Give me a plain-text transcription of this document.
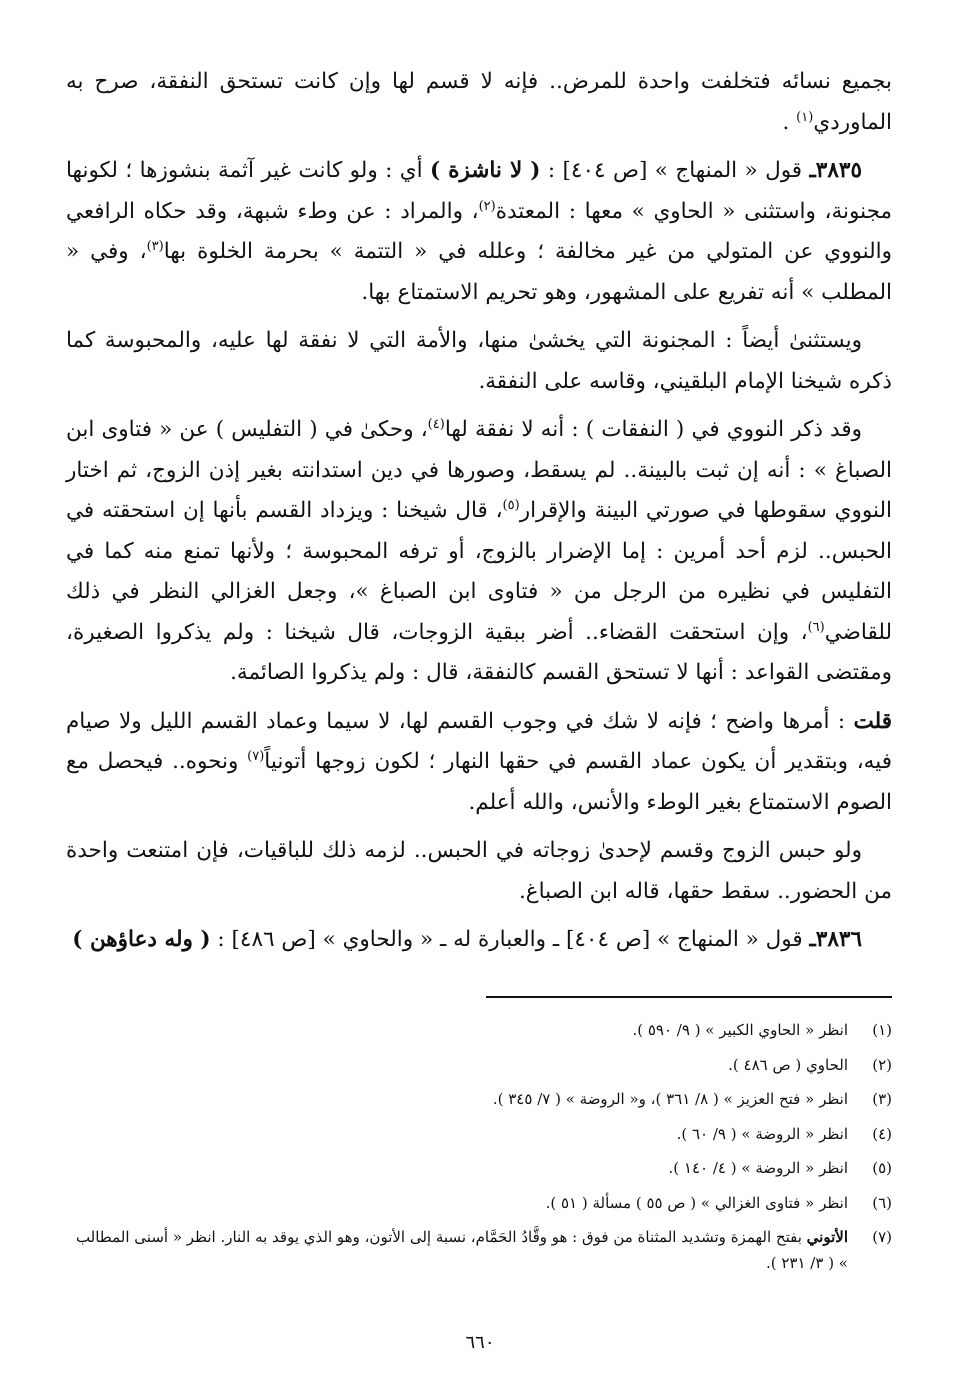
بجميع نسائه فتخلفت واحدة للمرض.. فإنه لا قسم لها وإن كانت تستحق النفقة، صرح به الماوردي$^{(١)}$ .

٣٨٣٥ـ قول « المنهاج » [ص ٤٠٤] : ( لا ناشزة ) أي : ولو كانت غير آثمة بنشوزها ؛ لكونها مجنونة، واستثنى « الحاوي » معها : المعتدة$^{(٢)}$، والمراد : عن وطء شبهة، وقد حكاه الرافعي والنووي عن المتولي من غير مخالفة ؛ وعلله في « التتمة » بحرمة الخلوة بها$^{(٣)}$، وفي « المطلب » أنه تفريع على المشهور، وهو تحريم الاستمتاع بها.

ويستثنىٰ أيضاً : المجنونة التي يخشىٰ منها، والأمة التي لا نفقة لها عليه، والمحبوسة كما ذكره شيخنا الإمام البلقيني، وقاسه على النفقة.

وقد ذكر النووي في ( النفقات ) : أنه لا نفقة لها$^{(٤)}$، وحكىٰ في ( التفليس ) عن « فتاوى ابن الصباغ » : أنه إن ثبت بالبينة.. لم يسقط، وصورها في دين استدانته بغير إذن الزوج، ثم اختار النووي سقوطها في صورتي البينة والإقرار$^{(٥)}$، قال شيخنا : ويزداد القسم بأنها إن استحقته في الحبس.. لزم أحد أمرين : إما الإضرار بالزوج، أو ترفه المحبوسة ؛ ولأنها تمنع منه كما في التفليس في نظيره من الرجل من « فتاوى ابن الصباغ »، وجعل الغزالي النظر في ذلك للقاضي$^{(٦)}$، وإن استحقت القضاء.. أضر ببقية الزوجات، قال شيخنا : ولم يذكروا الصغيرة، ومقتضى القواعد : أنها لا تستحق القسم كالنفقة، قال : ولم يذكروا الصائمة.

قلت : أمرها واضح ؛ فإنه لا شك في وجوب القسم لها، لا سيما وعماد القسم الليل ولا صيام فيه، وبتقدير أن يكون عماد القسم في حقها النهار ؛ لكون زوجها أتونياً$^{(٧)}$ ونحوه.. فيحصل مع الصوم الاستمتاع بغير الوطء والأنس، والله أعلم.

ولو حبس الزوج وقسم لإحدىٰ زوجاته في الحبس.. لزمه ذلك للباقيات، فإن امتنعت واحدة من الحضور.. سقط حقها، قاله ابن الصباغ.

٣٨٣٦ـ قول « المنهاج » [ص ٤٠٤] ـ والعبارة له ـ « والحاوي » [ص ٤٨٦] : ( وله دعاؤهن )

(١)
انظر « الحاوي الكبير » ( ٩/ ٥٩٠ ).
(٢)
الحاوي ( ص ٤٨٦ ).
(٣)
انظر « فتح العزيز » ( ٨/ ٣٦١ )، و« الروضة » ( ٧/ ٣٤٥ ).
(٤)
انظر « الروضة » ( ٩/ ٦٠ ).
(٥)
انظر « الروضة » ( ٤/ ١٤٠ ).
(٦)
انظر « فتاوى الغزالي » ( ص ٥٥ ) مسألة ( ٥١ ).
(٧)
الأتوني بفتح الهمزة وتشديد المثناة من فوق : هو وقَّادُ الحَمَّام، نسبة إلى الأتون، وهو الذي يوقد به النار. انظر « أسنى المطالب » ( ٣/ ٢٣١ ).
٦٦٠
